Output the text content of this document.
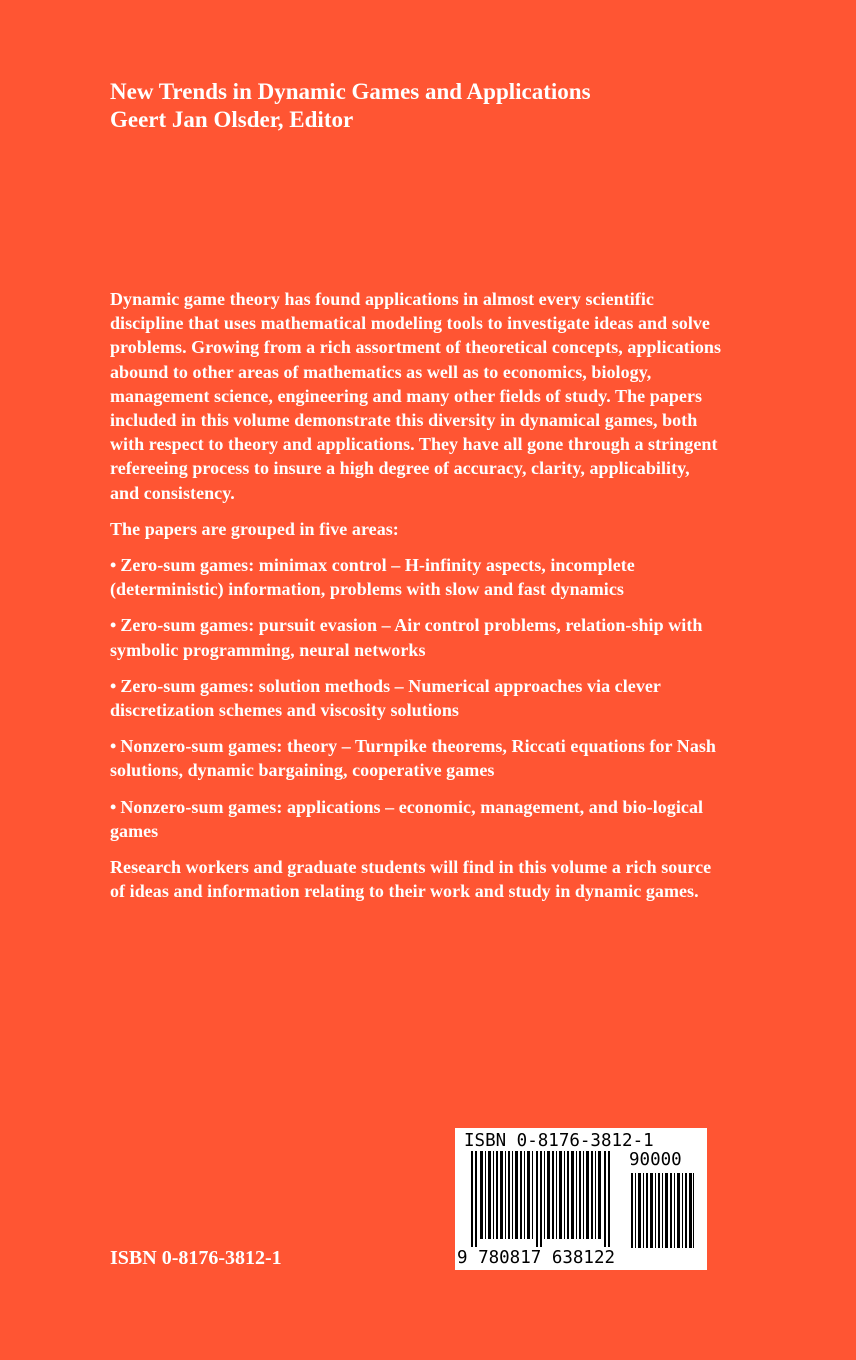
New Trends in Dynamic Games and Applications
Geert Jan Olsder, Editor

Dynamic game theory has found applications in almost every scientific discipline that uses mathematical modeling tools to investigate ideas and solve problems. Growing from a rich assortment of theoretical concepts, applications abound to other areas of mathematics as well as to economics, biology, management science, engineering and many other fields of study. The papers included in this volume demonstrate this diversity in dynamical games, both with respect to theory and applications. They have all gone through a stringent refereeing process to insure a high degree of accuracy, clarity, applicability, and consistency.

The papers are grouped in five areas:

• Zero-sum games: minimax control – H-infinity aspects, incomplete (deterministic) information, problems with slow and fast dynamics
• Zero-sum games: pursuit evasion – Air control problems, relation-ship with symbolic programming, neural networks
• Zero-sum games: solution methods – Numerical approaches via clever discretization schemes and viscosity solutions
• Nonzero-sum games: theory – Turnpike theorems, Riccati equations for Nash solutions, dynamic bargaining, cooperative games
• Nonzero-sum games: applications – economic, management, and bio-logical games

Research workers and graduate students will find in this volume a rich source of ideas and information relating to their work and study in dynamic games.

ISBN 0-8176-3812-1
ISBN 0-8176-3812-1
90000
9 780817 638122
